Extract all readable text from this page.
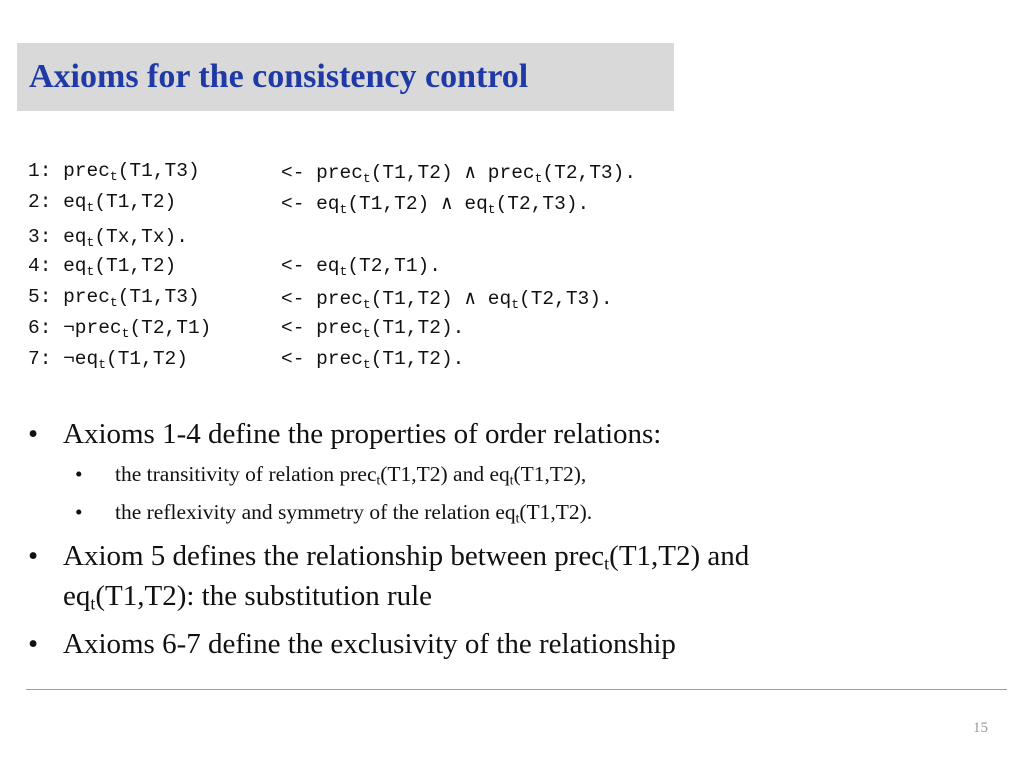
Axioms for the consistency control
1: prec$_t$(T1,T3)	<- prec$_t$(T1,T2) ∧ prec$_t$(T2,T3).
2: $eq_t(T1,T2)$	<- $eq_t(T1,T2)$ ∧ $eq_t(T2,T3)$.
3: $eq_t(Tx,Tx)$.
4: $eq_t(T1,T2)$	<- $eq_t(T2,T1)$.
5: prec$_t$(T1,T3)	<- prec$_t$(T1,T2) ∧ $eq_t(T2,T3)$.
6: ¬prec$_t$(T2,T1)	<- prec$_t$(T1,T2).
7: $\neg eq_t(T1,T2)$	<- prec$_t$(T1,T2).
• Axioms 1-4 define the properties of order relations:
• the transitivity of relation prec$_t$(T1,T2) and $eq_t(T1,T2)$,
• the reflexivity and symmetry of the relation $eq_t(T1,T2)$.
• Axiom 5 defines the relationship between prec$_t$(T1,T2) and
$eq_t(T1,T2)$: the substitution rule
• Axioms 6-7 define the exclusivity of the relationship
15
